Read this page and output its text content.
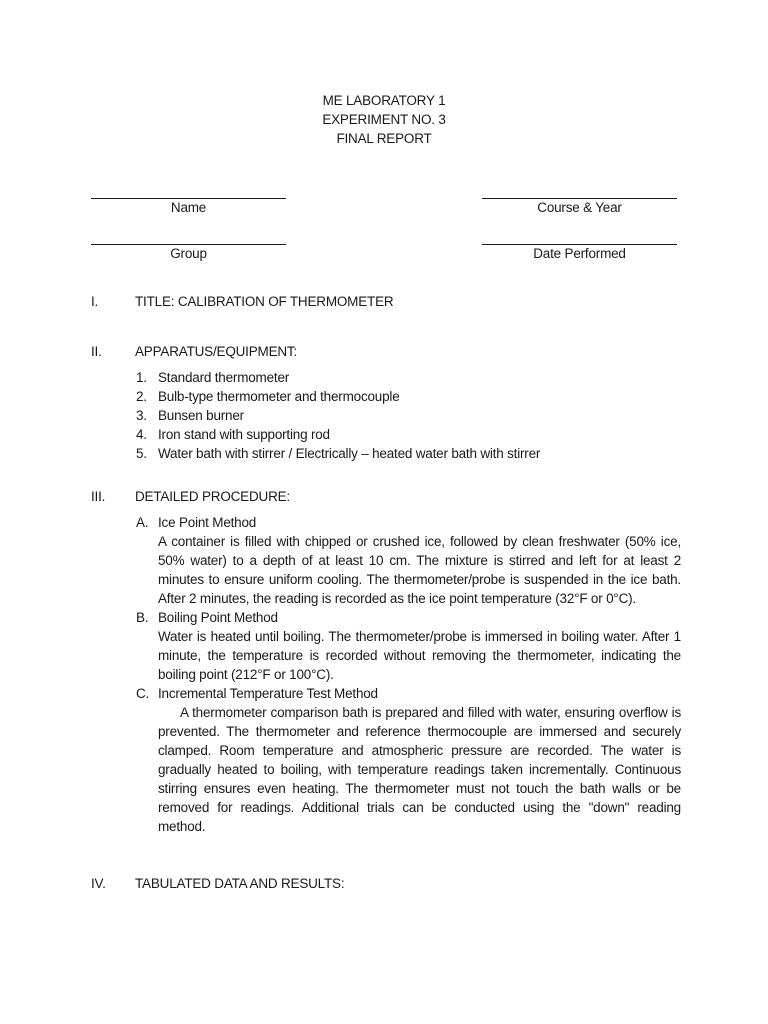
ME LABORATORY 1
EXPERIMENT NO. 3
FINAL REPORT
Name	Course & Year
Group	Date Performed
I.	TITLE: CALIBRATION OF THERMOMETER
II. APPARATUS/EQUIPMENT:
1. Standard thermometer
2. Bulb-type thermometer and thermocouple
3. Bunsen burner
4. Iron stand with supporting rod
5. Water bath with stirrer / Electrically – heated water bath with stirrer
III. DETAILED PROCEDURE:
A. Ice Point Method
A container is filled with chipped or crushed ice, followed by clean freshwater (50% ice, 50% water) to a depth of at least 10 cm. The mixture is stirred and left for at least 2 minutes to ensure uniform cooling. The thermometer/probe is suspended in the ice bath. After 2 minutes, the reading is recorded as the ice point temperature (32°F or 0°C).
B. Boiling Point Method
Water is heated until boiling. The thermometer/probe is immersed in boiling water. After 1 minute, the temperature is recorded without removing the thermometer, indicating the boiling point (212°F or 100°C).
C. Incremental Temperature Test Method
A thermometer comparison bath is prepared and filled with water, ensuring overflow is prevented. The thermometer and reference thermocouple are immersed and securely clamped. Room temperature and atmospheric pressure are recorded. The water is gradually heated to boiling, with temperature readings taken incrementally. Continuous stirring ensures even heating. The thermometer must not touch the bath walls or be removed for readings. Additional trials can be conducted using the "down" reading method.
IV. TABULATED DATA AND RESULTS:
